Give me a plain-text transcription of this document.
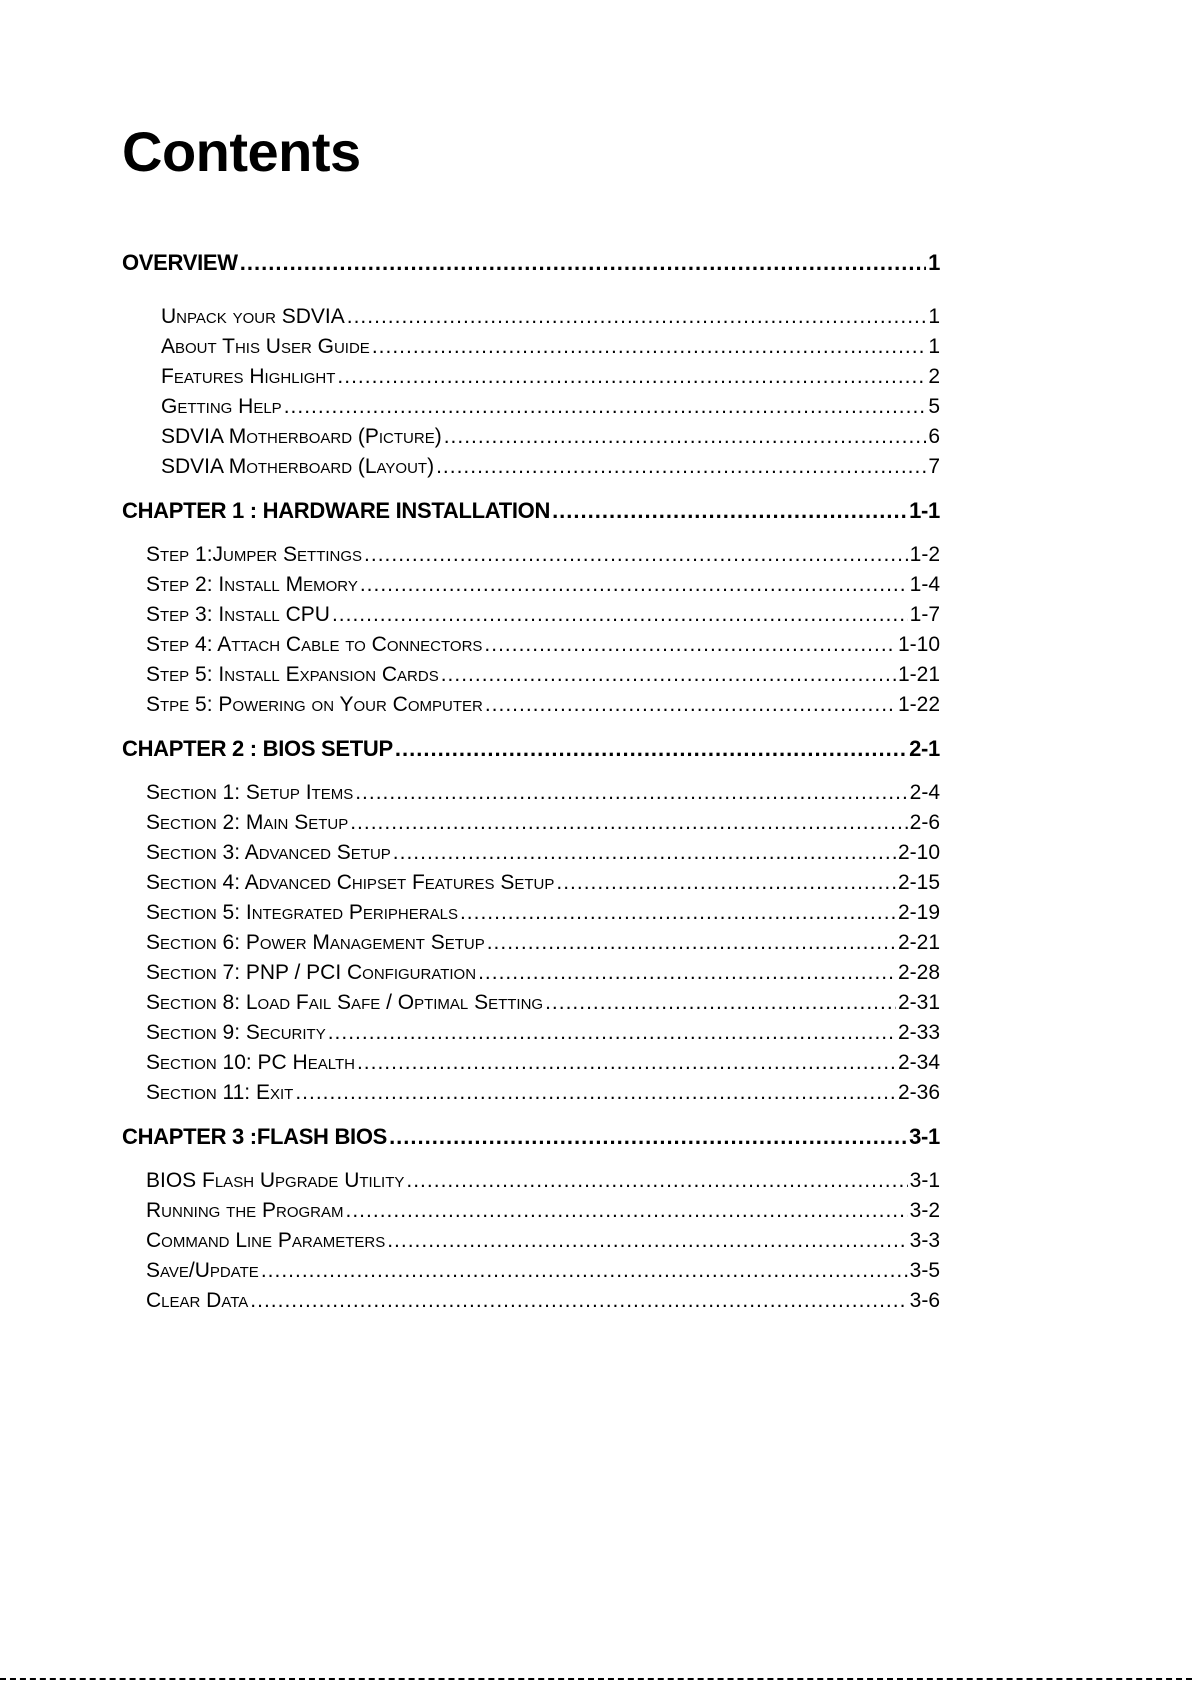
Contents
OVERVIEW .....	1
Unpack your SDVIA .....	1
About This User Guide .....	1
Features Highlight .....	2
Getting Help .....	5
SDVIA Motherboard (Picture) .....	6
SDVIA Motherboard (Layout) .....	7
CHAPTER 1 : HARDWARE INSTALLATION .....	1-1
Step 1:Jumper Settings .....	1-2
Step 2: Install Memory .....	1-4
Step 3: Install CPU .....	1-7
Step 4: Attach Cable to Connectors .....	1-10
Step 5: Install Expansion Cards .....	1-21
Stpe 5: Powering on Your Computer .....	1-22
CHAPTER 2 : BIOS SETUP .....	2-1
Section 1: Setup Items .....	2-4
Section 2: Main Setup .....	2-6
Section 3: Advanced Setup .....	2-10
Section 4: Advanced Chipset Features Setup .....	2-15
Section 5: Integrated Peripherals .....	2-19
Section 6: Power Management Setup .....	2-21
Section 7: PNP / PCI Configuration .....	2-28
Section 8: Load Fail Safe / Optimal Setting .....	2-31
Section 9: Security .....	2-33
Section 10: PC Health .....	2-34
Section 11: Exit .....	2-36
CHAPTER 3 :FLASH BIOS .....	3-1
BIOS Flash Upgrade Utility .....	3-1
Running the Program .....	3-2
Command Line Parameters .....	3-3
Save/Update .....	3-5
Clear Data .....	3-6
